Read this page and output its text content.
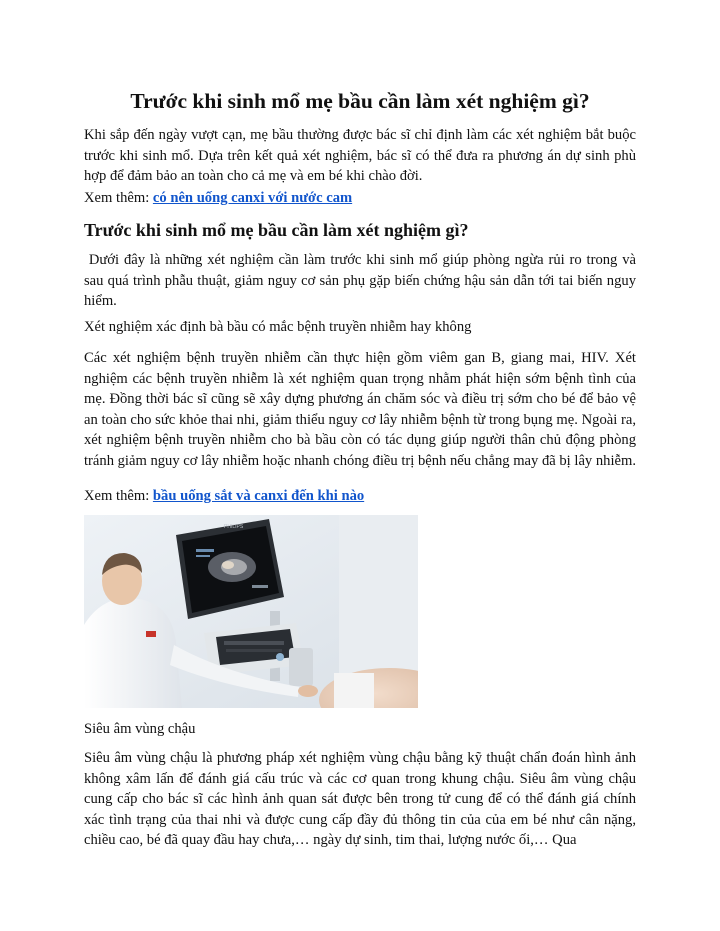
Trước khi sinh mổ mẹ bầu cần làm xét nghiệm gì?

Khi sắp đến ngày vượt cạn, mẹ bầu thường được bác sĩ chỉ định làm các xét nghiệm bắt buộc trước khi sinh mổ. Dựa trên kết quả xét nghiệm, bác sĩ có thể đưa ra phương án dự sinh phù hợp để đảm bảo an toàn cho cả mẹ và em bé khi chào đời.

Xem thêm: có nên uống canxi với nước cam

Trước khi sinh mổ mẹ bầu cần làm xét nghiệm gì?

Dưới đây là những xét nghiệm cần làm trước khi sinh mổ giúp phòng ngừa rủi ro trong và sau quá trình phẫu thuật, giảm nguy cơ sản phụ gặp biến chứng hậu sản dẫn tới tai biến nguy hiểm.

Xét nghiệm xác định bà bầu có mắc bệnh truyền nhiễm hay không

Các xét nghiệm bệnh truyền nhiễm cần thực hiện gồm viêm gan B, giang mai, HIV. Xét nghiệm các bệnh truyền nhiễm là xét nghiệm quan trọng nhằm phát hiện sớm bệnh tình của mẹ. Đồng thời bác sĩ cũng sẽ xây dựng phương án chăm sóc và điều trị sớm cho bé để bảo vệ an toàn cho sức khỏe thai nhi, giảm thiểu nguy cơ lây nhiễm bệnh từ trong bụng mẹ. Ngoài ra, xét nghiệm bệnh truyền nhiễm cho bà bầu còn có tác dụng giúp người thân chủ động phòng tránh giảm nguy cơ lây nhiễm hoặc nhanh chóng điều trị bệnh nếu chẳng may đã bị lây nhiễm.

Xem thêm: bầu uống sắt và canxi đến khi nào

PHILIPS

Siêu âm vùng chậu

Siêu âm vùng chậu là phương pháp xét nghiệm vùng chậu bằng kỹ thuật chẩn đoán hình ảnh không xâm lấn để đánh giá cấu trúc và các cơ quan trong khung chậu. Siêu âm vùng chậu cung cấp cho bác sĩ các hình ảnh quan sát được bên trong tử cung để có thể đánh giá chính xác tình trạng của thai nhi và được cung cấp đầy đủ thông tin của của em bé như cân nặng, chiều cao, bé đã quay đầu hay chưa,… ngày dự sinh, tim thai, lượng nước ối,… Qua
